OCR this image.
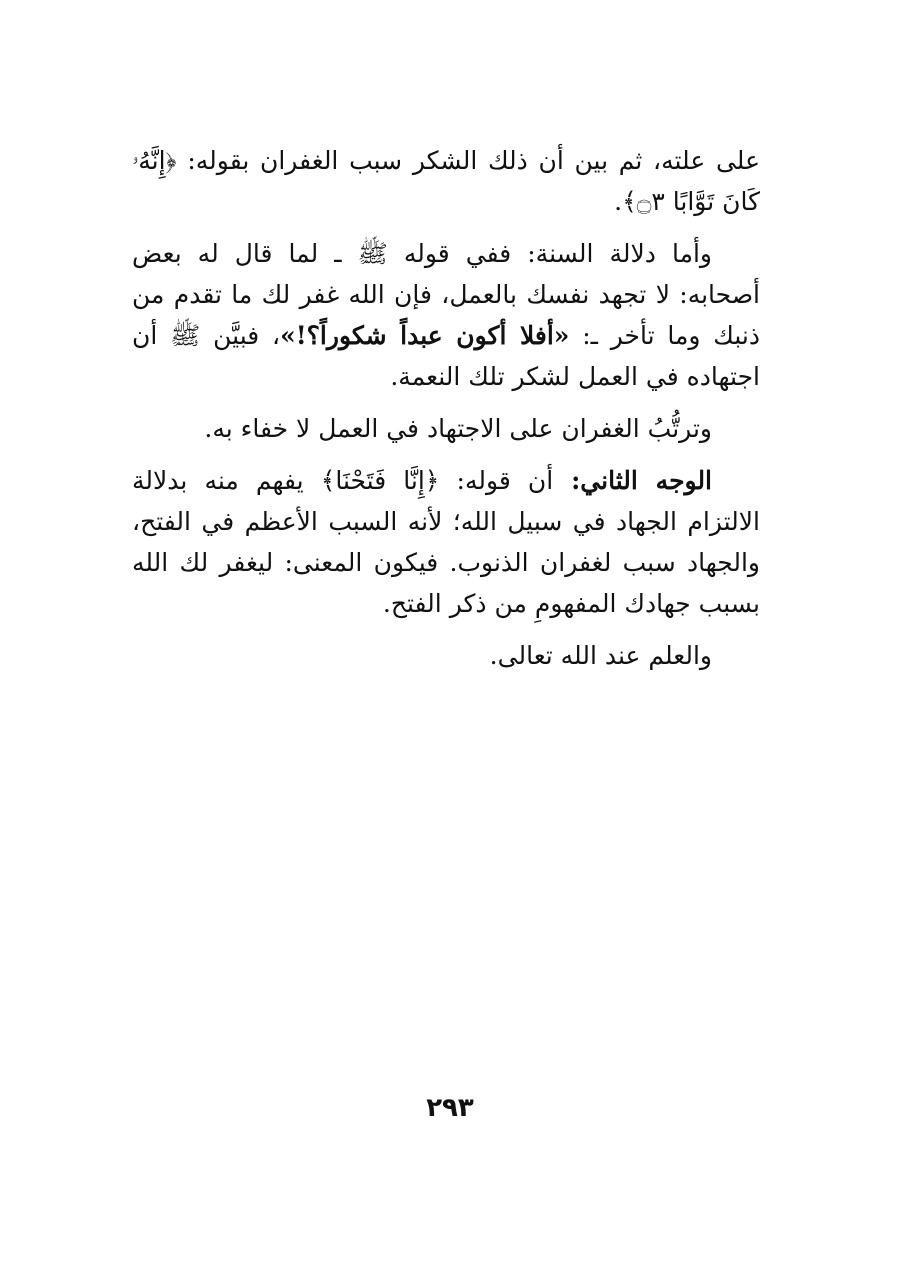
على علته، ثم بين أن ذلك الشكر سبب الغفران بقوله: ﴿إِنَّهُۥ كَانَ تَوَّابًا ۝٣﴾.

وأما دلالة السنة: ففي قوله ﷺ ـ لما قال له بعض أصحابه: لا تجهد نفسك بالعمل، فإن الله غفر لك ما تقدم من ذنبك وما تأخر ـ: «أفلا أكون عبداً شكوراً؟!»، فبيَّن ﷺ أن اجتهاده في العمل لشكر تلك النعمة.

وترتُّبُ الغفران على الاجتهاد في العمل لا خفاء به.

الوجه الثاني: أن قوله: ﴿إِنَّا فَتَحْنَا﴾ يفهم منه بدلالة الالتزام الجهاد في سبيل الله؛ لأنه السبب الأعظم في الفتح، والجهاد سبب لغفران الذنوب. فيكون المعنى: ليغفر لك الله بسبب جهادك المفهومِ من ذكر الفتح.

والعلم عند الله تعالى.

٢٩٣
